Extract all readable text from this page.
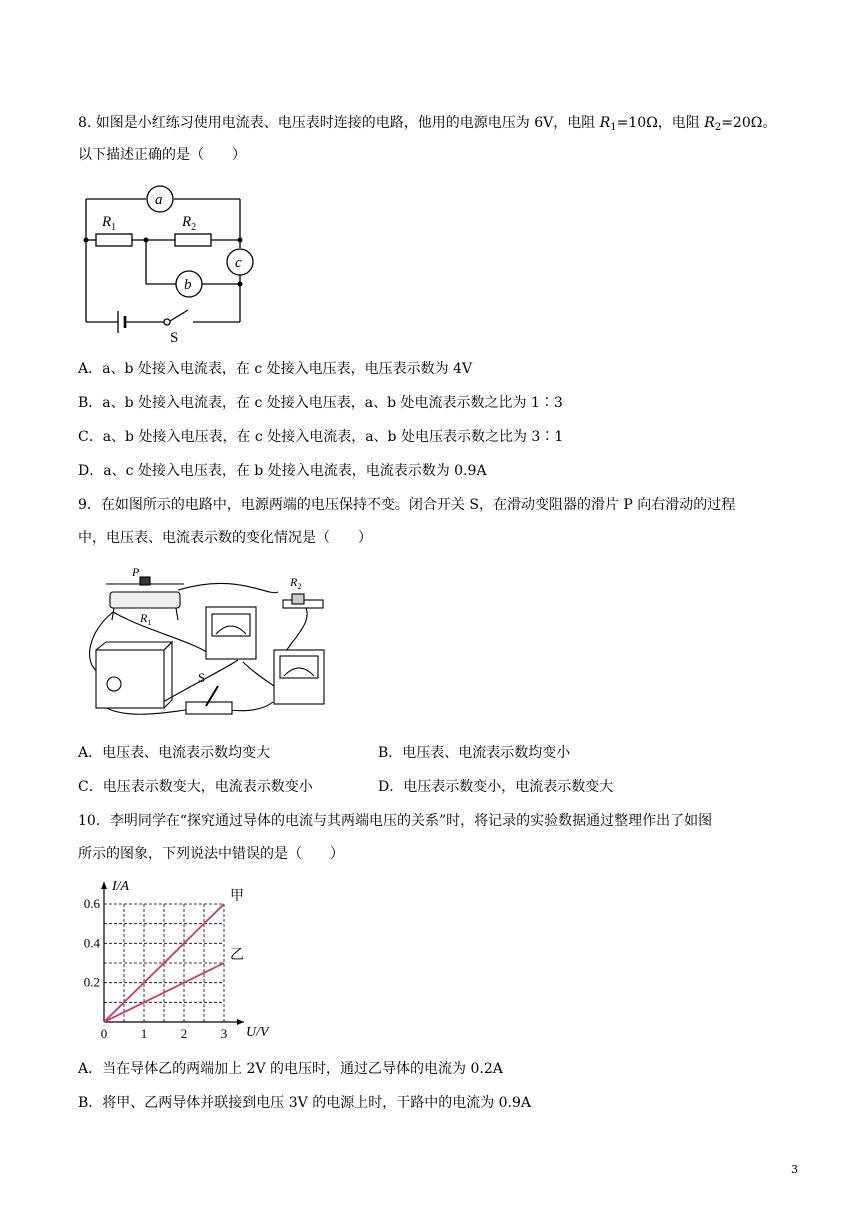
8. 如图是小红练习使用电流表、电压表时连接的电路，他用的电源电压为 6V，电阻 $R_1=10\Omega$，电阻 $R_2=20\Omega$。
以下描述正确的是（　　）
a
b
c
$R_1$	$R_2$
S
A．a、b 处接入电流表，在 c 处接入电压表，电压表示数为 4V
B．a、b 处接入电流表，在 c 处接入电压表，a、b 处电流表示数之比为 1∶3
C．a、b 处接入电压表，在 c 处接入电流表，a、b 处电压表示数之比为 3∶1
D．a、c 处接入电压表，在 b 处接入电流表，电流表示数为 0.9A
9．在如图所示的电路中，电源两端的电压保持不变。闭合开关 S，在滑动变阻器的滑片 P 向右滑动的过程
中，电压表、电流表示数的变化情况是（　　）
P
$R_1$
$R_2$
S
A．电压表、电流表示数均变大	B．电压表、电流表示数均变小
C．电压表示数变大，电流表示数变小	D．电压表示数变小，电流表示数变大
10．李明同学在“探究通过导体的电流与其两端电压的关系”时，将记录的实验数据通过整理作出了如图
所示的图象，下列说法中错误的是（　　）
0	1	2	3
0.2
0.4
0.6
I/A
U/V
甲
乙
A．当在导体乙的两端加上 2V 的电压时，通过乙导体的电流为 0.2A
B．将甲、乙两导体并联接到电压 3V 的电源上时，干路中的电流为 0.9A
3
